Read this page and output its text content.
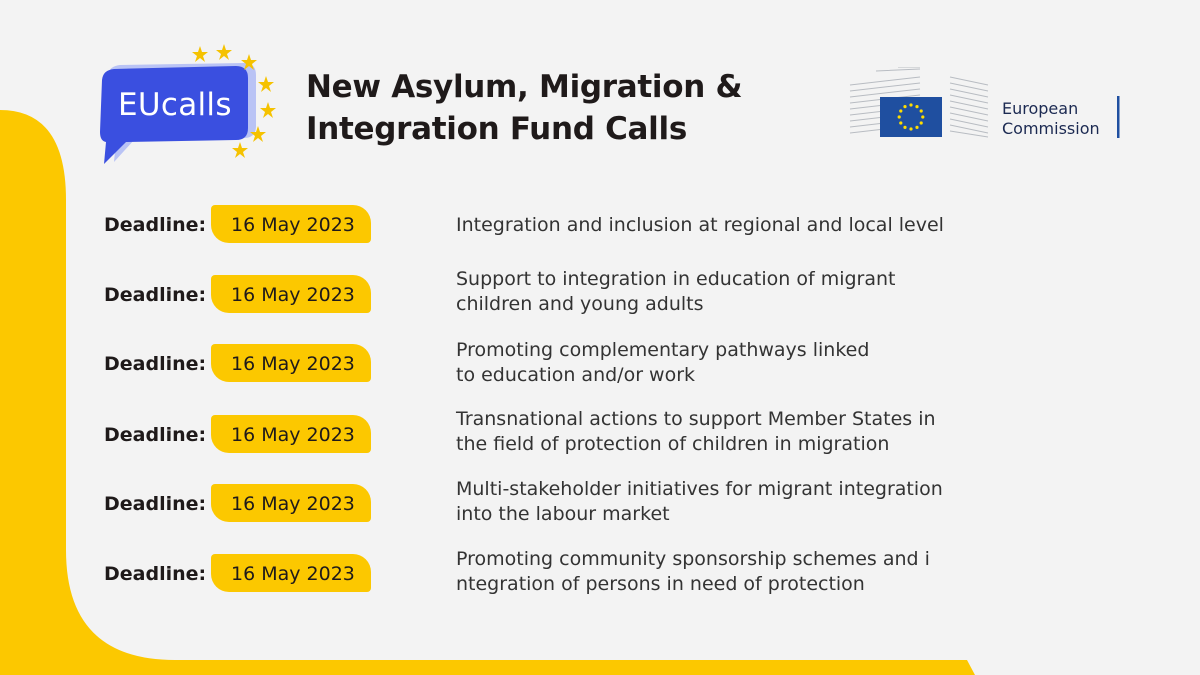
EUcalls New Asylum, Migration &
Integration Fund Calls
European
Commission
Deadline: 16 May 2023	Integration and inclusion at regional and local level
Deadline: 16 May 2023
Support to integration in education of migrant
children and young adults
Deadline: 16 May 2023
Promoting complementary pathways linked
to education and/or work
Deadline: 16 May 2023
Transnational actions to support Member States in
the field of protection of children in migration
Deadline: 16 May 2023
Multi-stakeholder initiatives for migrant integration
into the labour market
Deadline: 16 May 2023
Promoting community sponsorship schemes and i
ntegration of persons in need of protection
